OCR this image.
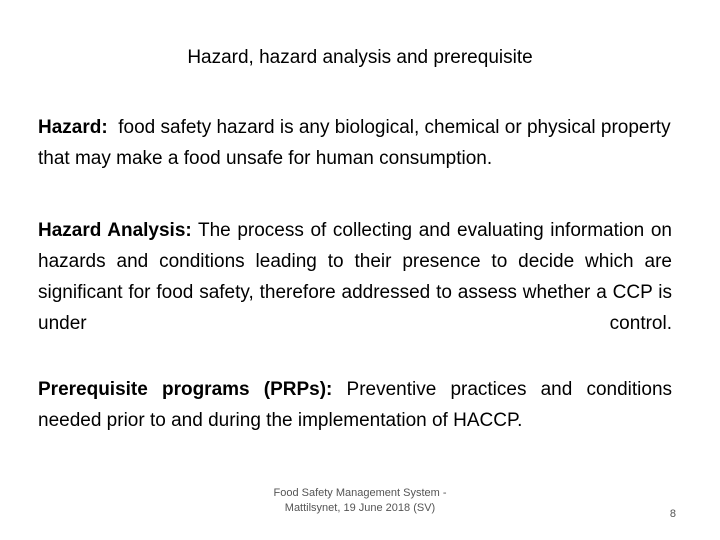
Hazard, hazard analysis and prerequisite

Hazard: food safety hazard is any biological, chemical or physical property that may make a food unsafe for human consumption.

Hazard Analysis: The process of collecting and evaluating information on hazards and conditions leading to their presence to decide which are significant for food safety, therefore addressed to assess whether a CCP is under control.

Prerequisite programs (PRPs): Preventive practices and conditions needed prior to and during the implementation of HACCP.

Food Safety Management System -
Mattilsynet, 19 June 2018 (SV)	8
